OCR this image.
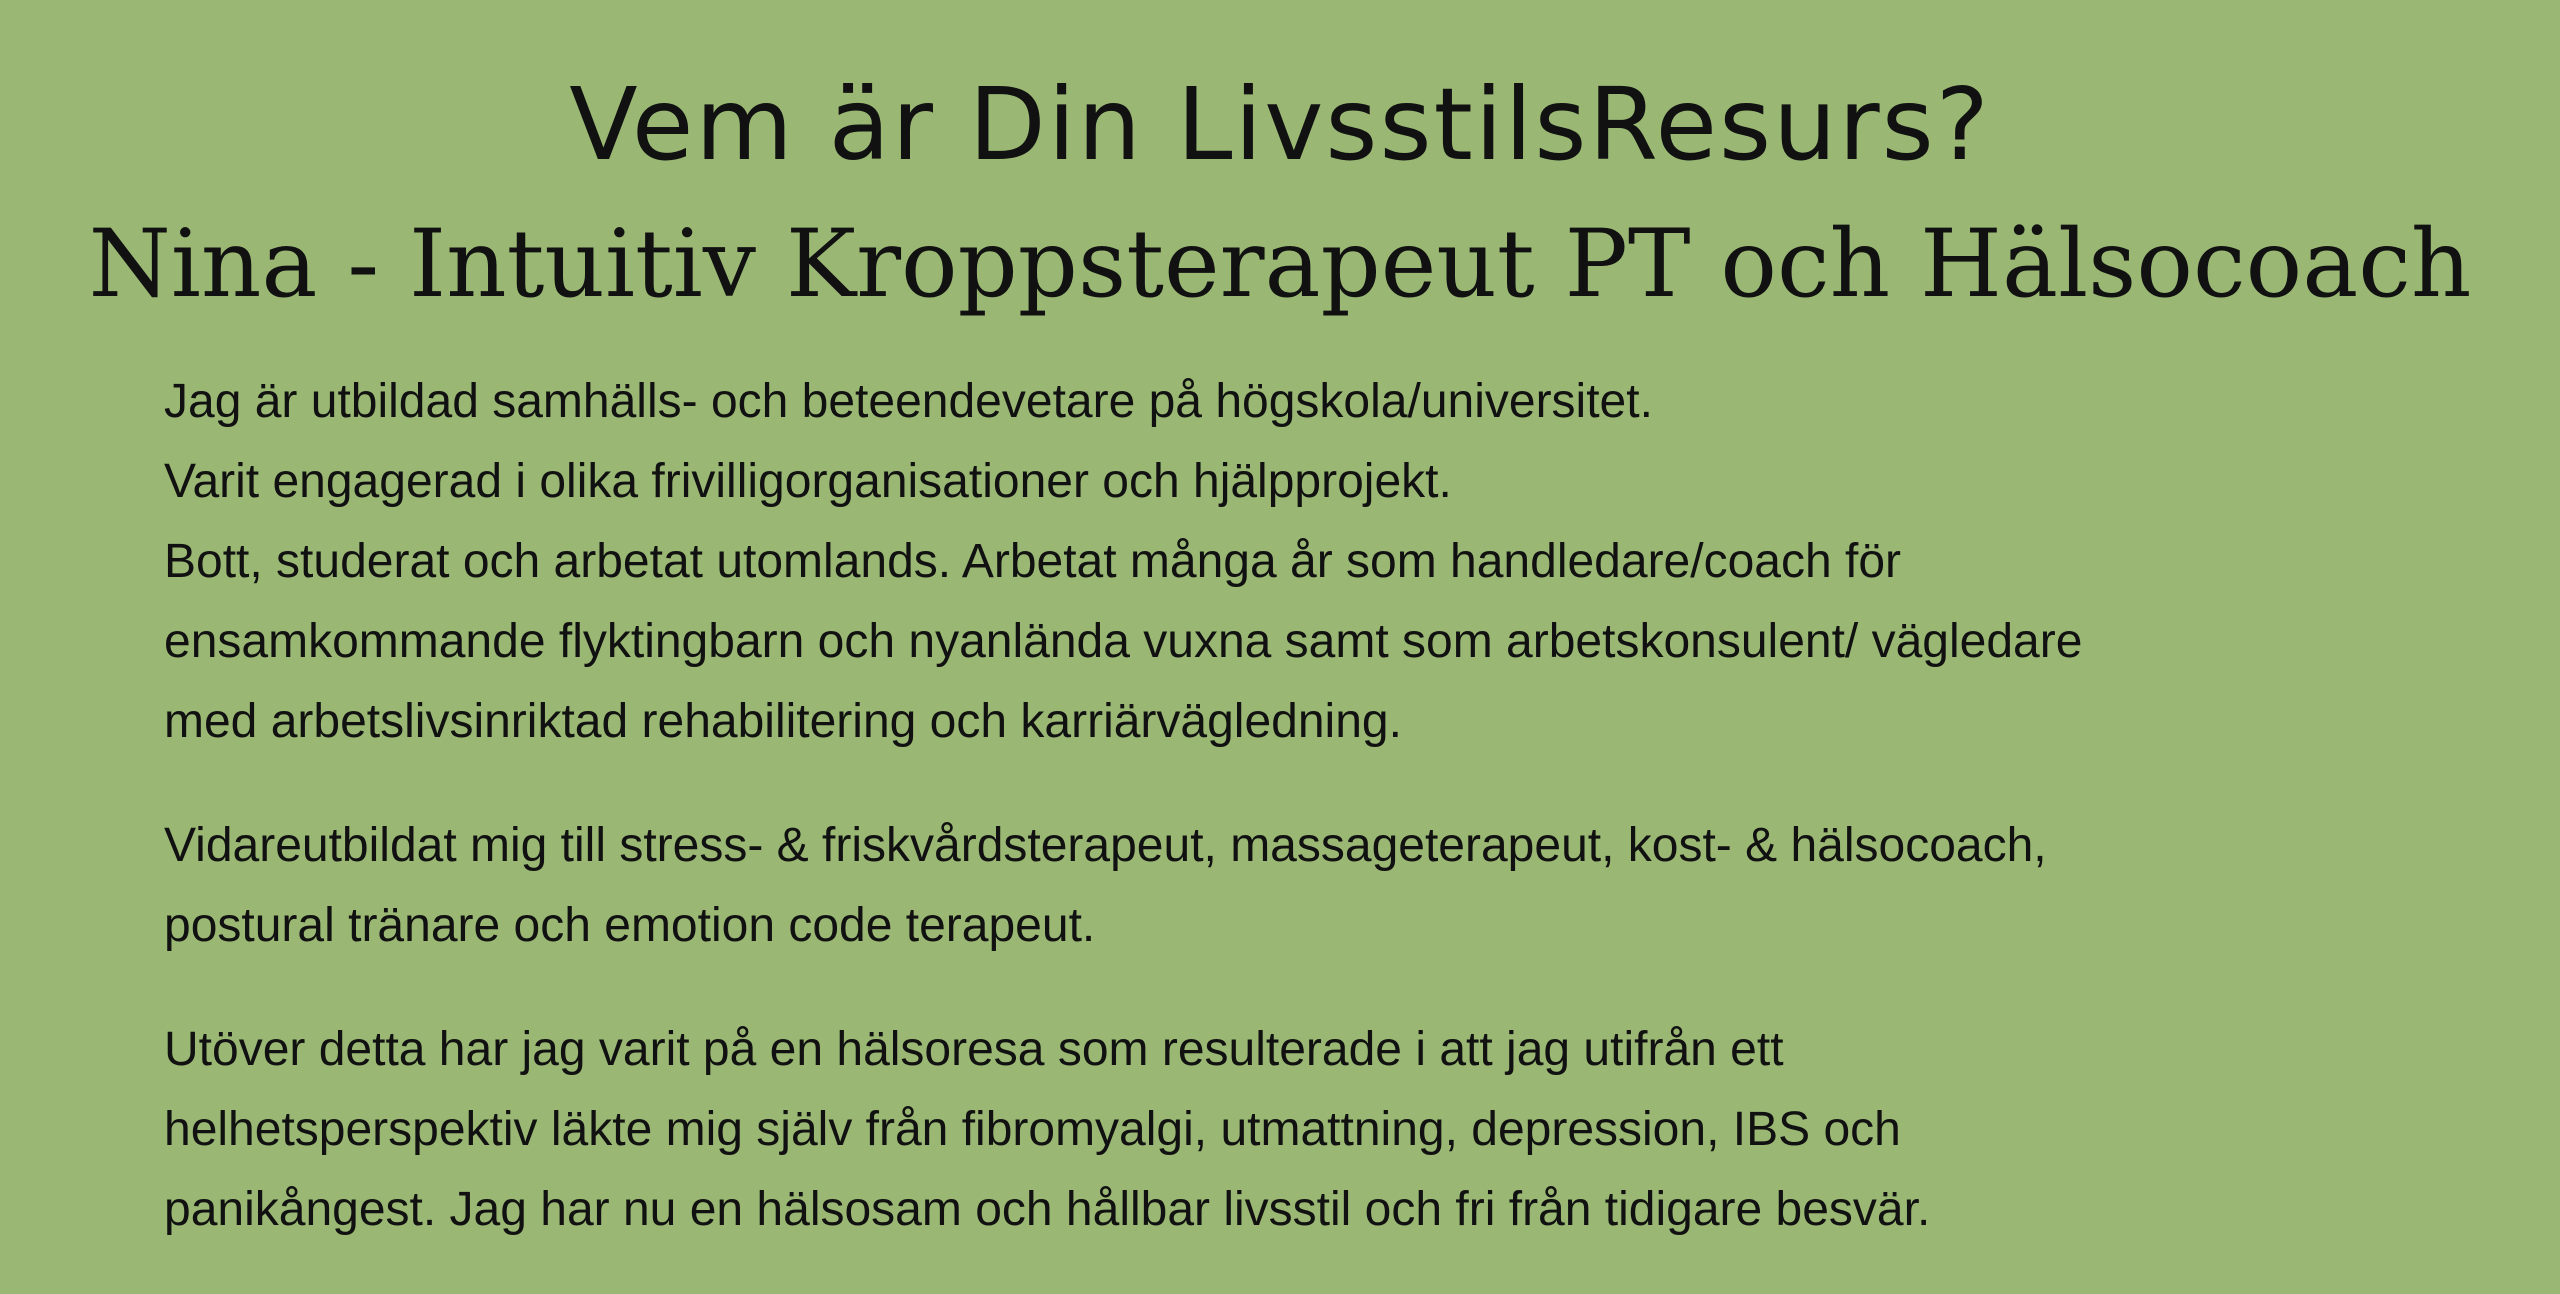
Vem är Din LivsstilsResurs?
Nina - Intuitiv Kroppsterapeut PT och Hälsocoach

Jag är utbildad samhälls- och beteendevetare på högskola/universitet.
Varit engagerad i olika frivilligorganisationer och hjälpprojekt.
Bott, studerat och arbetat utomlands. Arbetat många år som handledare/coach för
ensamkommande flyktingbarn och nyanlända vuxna samt som arbetskonsulent/ vägledare
med arbetslivsinriktad rehabilitering och karriärvägledning.

Vidareutbildat mig till stress- & friskvårdsterapeut, massageterapeut, kost- & hälsocoach,
postural tränare och emotion code terapeut.

Utöver detta har jag varit på en hälsoresa som resulterade i att jag utifrån ett
helhetsperspektiv läkte mig själv från fibromyalgi, utmattning, depression, IBS och
panikångest. Jag har nu en hälsosam och hållbar livsstil och fri från tidigare besvär.
